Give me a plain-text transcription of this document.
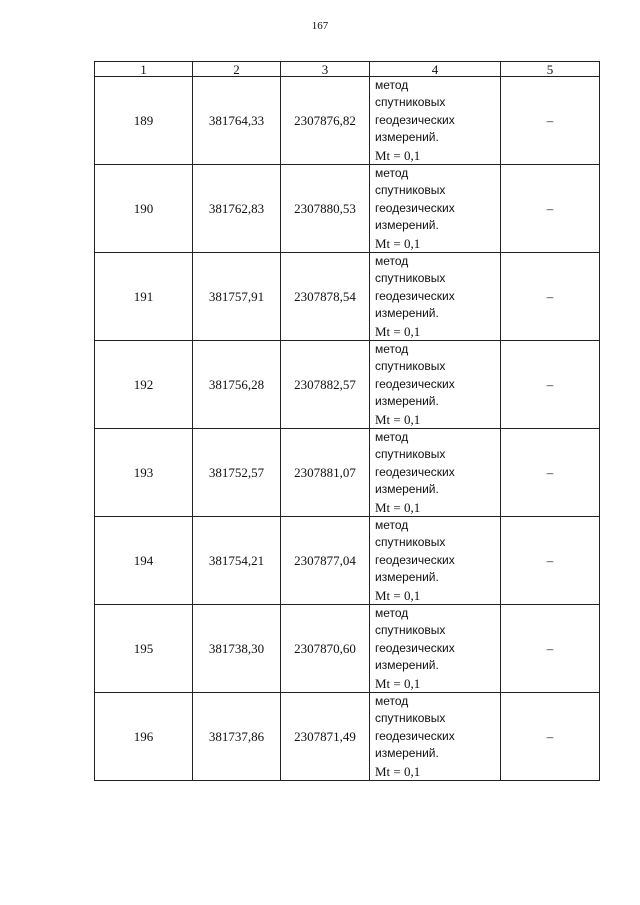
167
1	2	3	4	5
189	381764,33	2307876,82	метод
спутниковых
геодезических
измерений.
Mt = 0,1	–
190	381762,83	2307880,53	метод
спутниковых
геодезических
измерений.
Mt = 0,1	–
191	381757,91	2307878,54	метод
спутниковых
геодезических
измерений.
Mt = 0,1	–
192	381756,28	2307882,57	метод
спутниковых
геодезических
измерений.
Mt = 0,1	–
193	381752,57	2307881,07	метод
спутниковых
геодезических
измерений.
Mt = 0,1	–
194	381754,21	2307877,04	метод
спутниковых
геодезических
измерений.
Mt = 0,1	–
195	381738,30	2307870,60	метод
спутниковых
геодезических
измерений.
Mt = 0,1	–
196	381737,86	2307871,49	метод
спутниковых
геодезических
измерений.
Mt = 0,1	–
